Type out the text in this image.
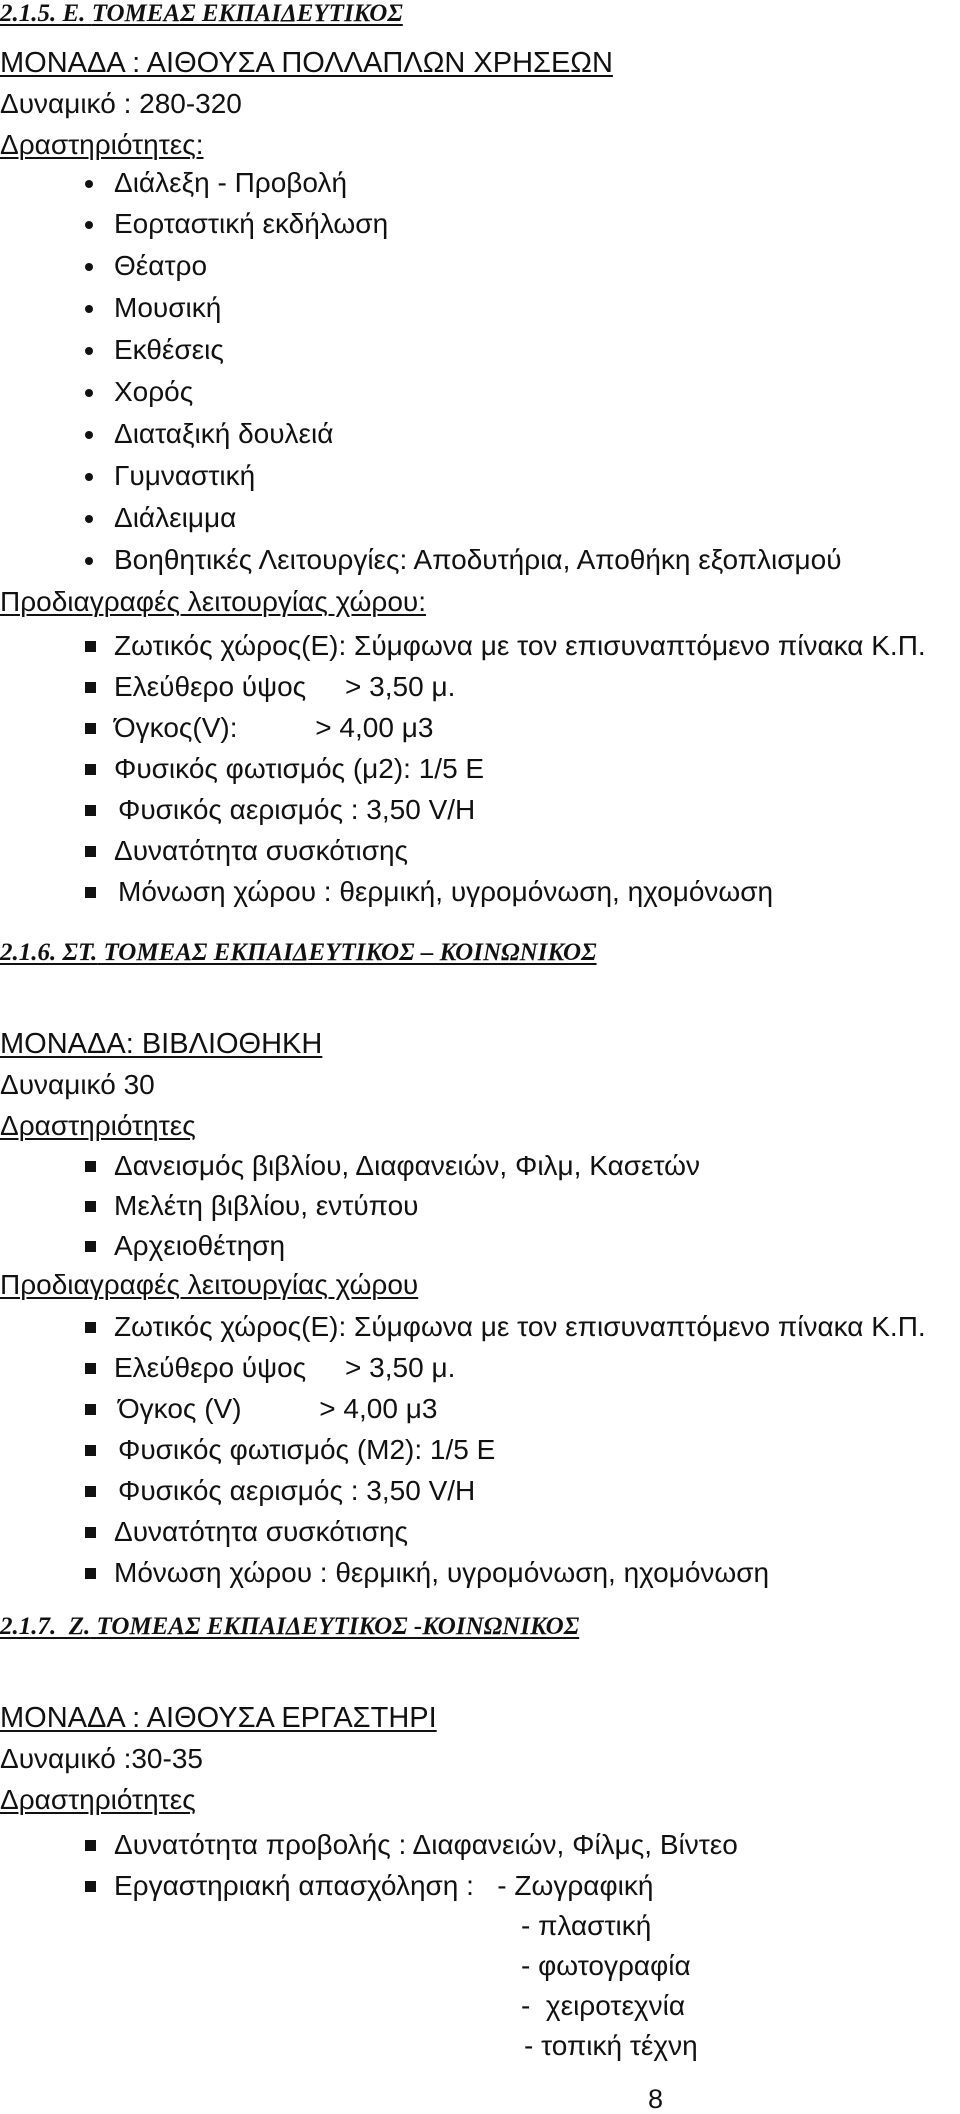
2.1.5. Ε. ΤΟΜΕΑΣ ΕΚΠΑΙΔΕΥΤΙΚΟΣ
ΜΟΝΑΔΑ : ΑΙΘΟΥΣΑ ΠΟΛΛΑΠΛΩΝ ΧΡΗΣΕΩΝ
Δυναμικό : 280-320
Δραστηριότητες:
Διάλεξη - Προβολή
Εορταστική εκδήλωση
Θέατρο
Μουσική
Εκθέσεις
Χορός
Διαταξική δουλειά
Γυμναστική
Διάλειμμα
Βοηθητικές Λειτουργίες: Αποδυτήρια, Αποθήκη εξοπλισμού
Προδιαγραφές λειτουργίας χώρου:
Ζωτικός χώρος(Ε): Σύμφωνα με τον επισυναπτόμενο πίνακα Κ.Π.
Ελεύθερο ύψος     > 3,50 μ.
Όγκος(V):          > 4,00 μ3
Φυσικός φωτισμός (μ2): 1/5 Ε
Φυσικός αερισμός : 3,50 V/H
Δυνατότητα συσκότισης
Μόνωση χώρου : θερμική, υγρομόνωση, ηχομόνωση
2.1.6. ΣΤ. ΤΟΜΕΑΣ ΕΚΠΑΙΔΕΥΤΙΚΟΣ – ΚΟΙΝΩΝΙΚΟΣ
ΜΟΝΑΔΑ: ΒΙΒΛΙΟΘΗΚΗ
Δυναμικό 30
Δραστηριότητες
Δανεισμός βιβλίου, Διαφανειών, Φιλμ, Κασετών
Μελέτη βιβλίου, εντύπου
Αρχειοθέτηση
Προδιαγραφές λειτουργίας χώρου
Ζωτικός χώρος(Ε): Σύμφωνα με τον επισυναπτόμενο πίνακα Κ.Π.
Ελεύθερο ύψος     > 3,50 μ.
Όγκος (V)          > 4,00 μ3
Φυσικός φωτισμός (Μ2): 1/5 Ε
Φυσικός αερισμός : 3,50 V/H
Δυνατότητα συσκότισης
Μόνωση χώρου : θερμική, υγρομόνωση, ηχομόνωση
2.1.7.  Ζ. ΤΟΜΕΑΣ ΕΚΠΑΙΔΕΥΤΙΚΟΣ -ΚΟΙΝΩΝΙΚΟΣ
ΜΟΝΑΔΑ : ΑΙΘΟΥΣΑ ΕΡΓΑΣΤΗΡΙ
Δυναμικό :30-35
Δραστηριότητες
Δυνατότητα προβολής : Διαφανειών, Φίλμς, Βίντεο
Εργαστηριακή απασχόληση :   - Ζωγραφική
- πλαστική
- φωτογραφία
-  χειροτεχνία
- τοπική τέχνη
8
